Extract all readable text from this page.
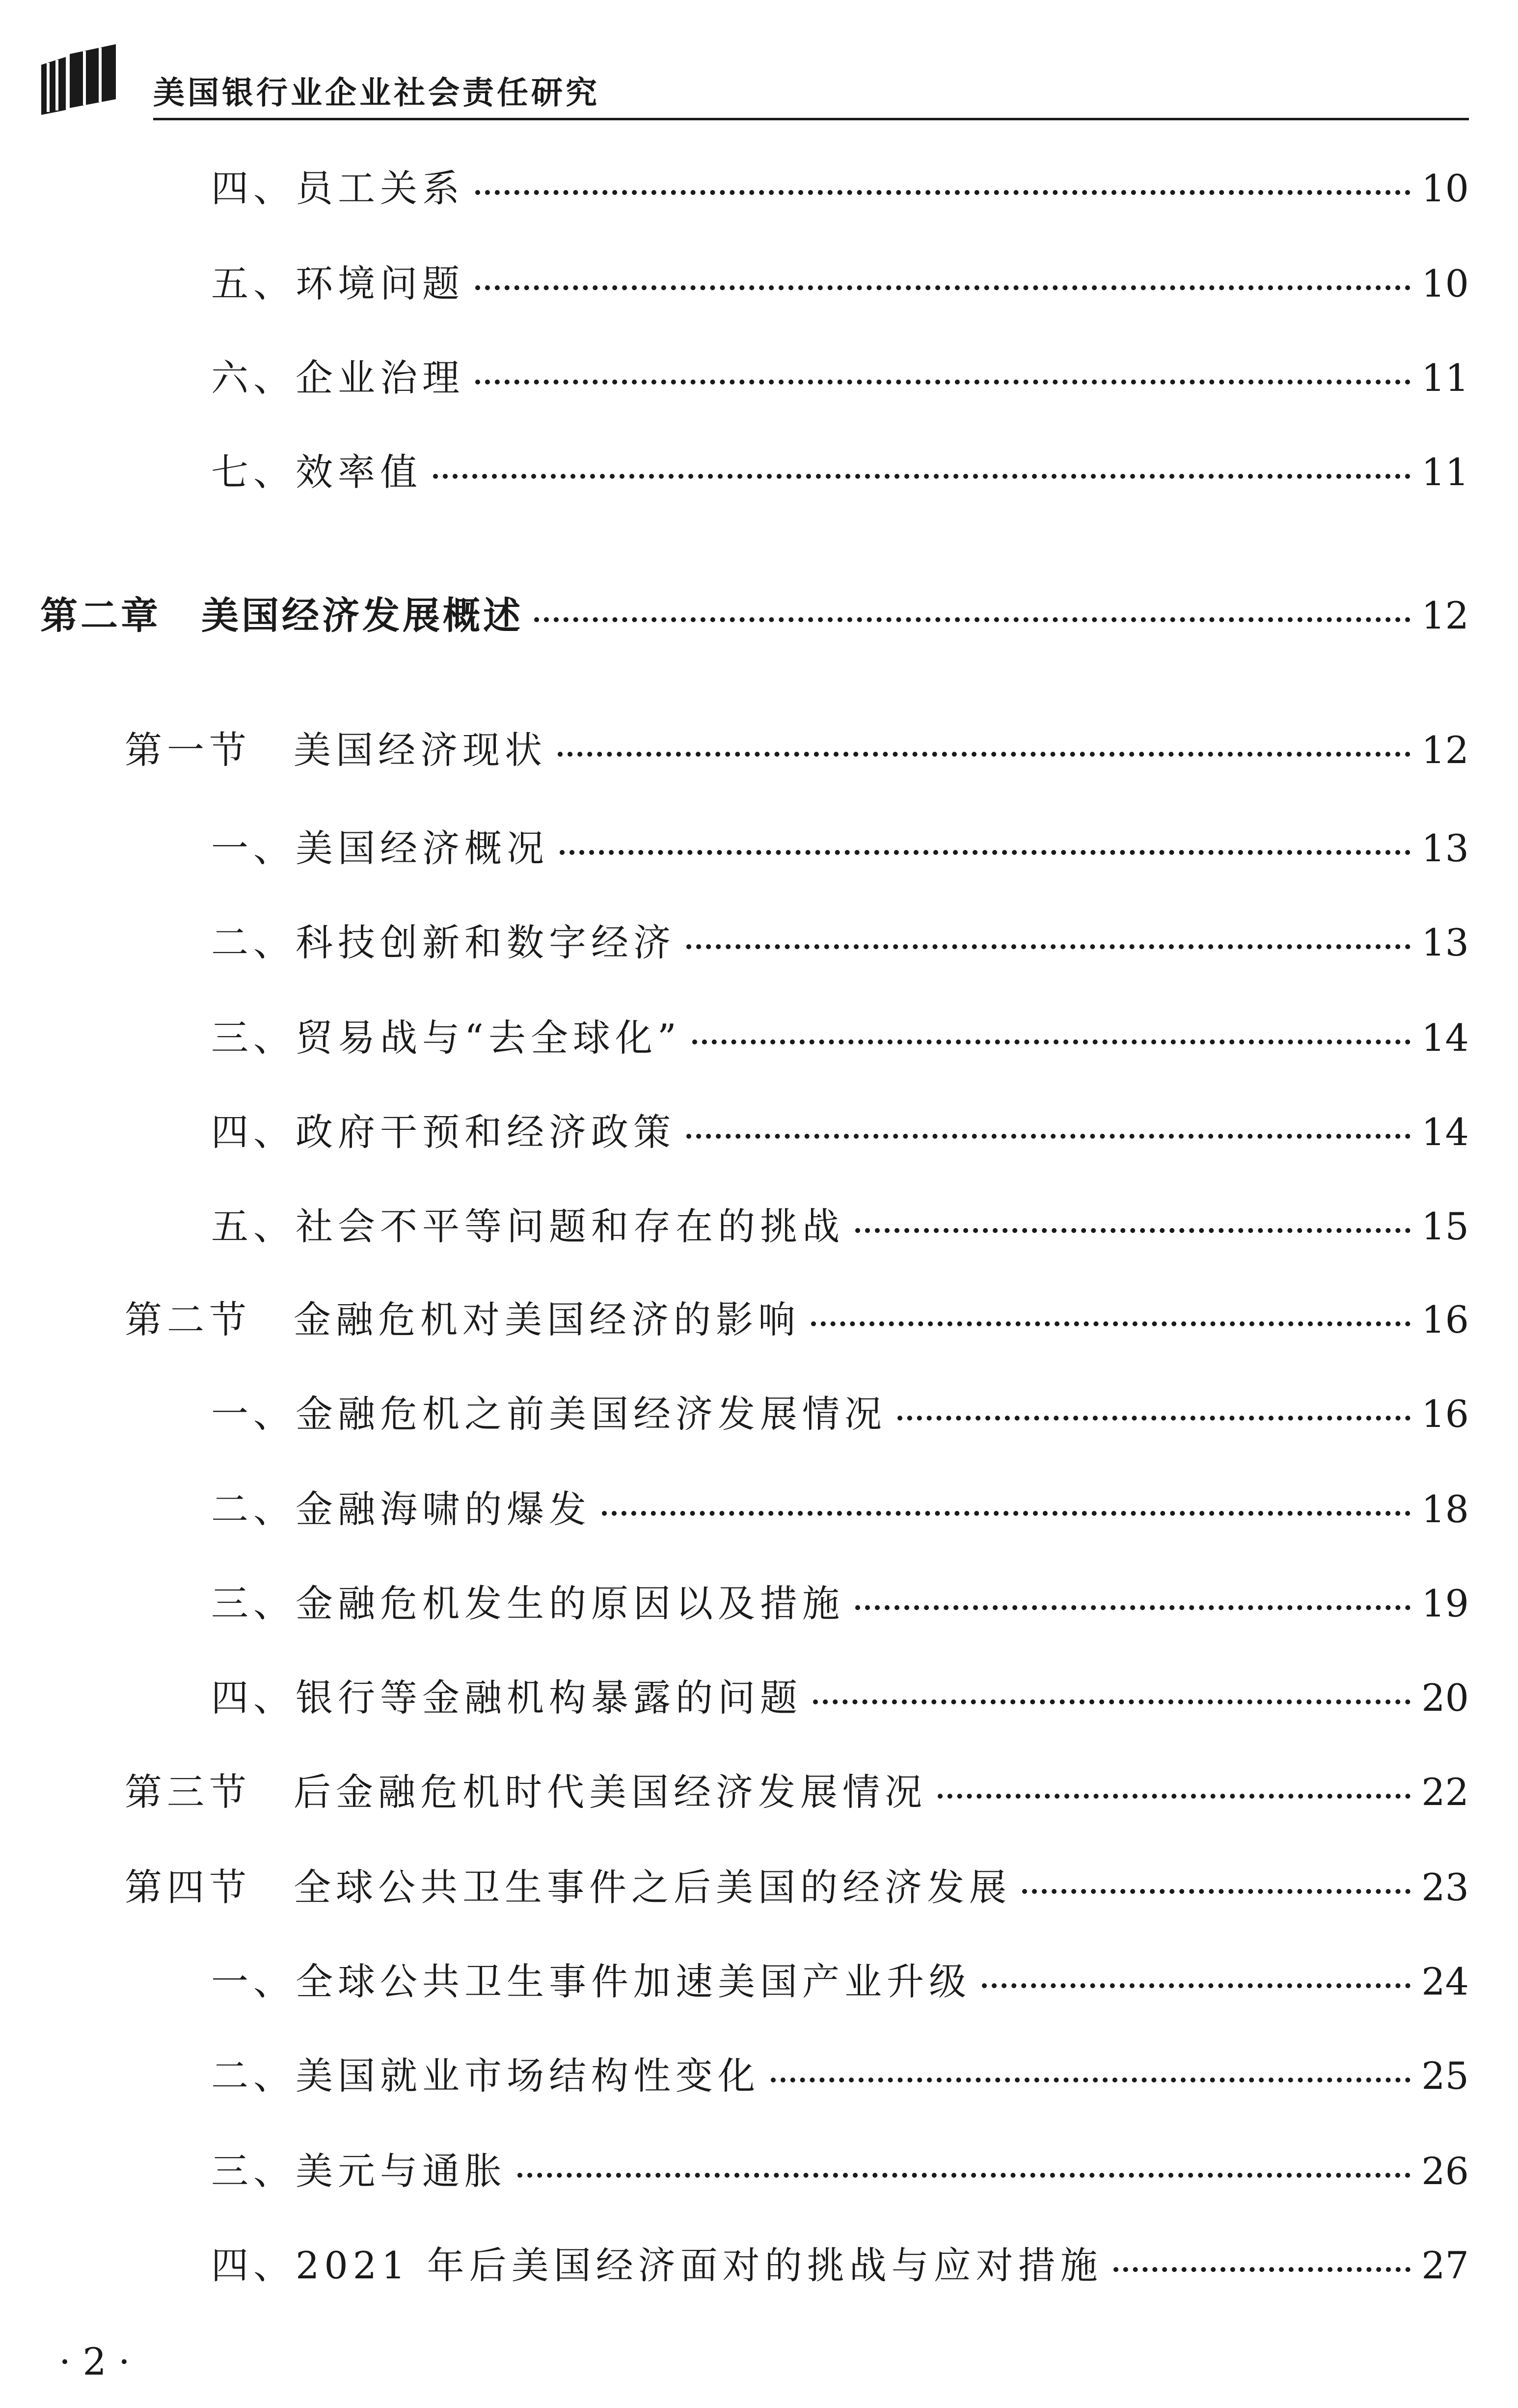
美国银行业企业社会责任研究
四、员工关系	10
五、环境问题	10
六、企业治理	11
七、效率值	11
第二章　美国经济发展概述	12
第一节　美国经济现状	12
一、美国经济概况	13
二、科技创新和数字经济	13
三、贸易战与“去全球化”	14
四、政府干预和经济政策	14
五、社会不平等问题和存在的挑战	15
第二节　金融危机对美国经济的影响	16
一、金融危机之前美国经济发展情况	16
二、金融海啸的爆发	18
三、金融危机发生的原因以及措施	19
四、银行等金融机构暴露的问题	20
第三节　后金融危机时代美国经济发展情况	22
第四节　全球公共卫生事件之后美国的经济发展	23
一、全球公共卫生事件加速美国产业升级	24
二、美国就业市场结构性变化	25
三、美元与通胀	26
四、2021 年后美国经济面对的挑战与应对措施	27
· 2 ·
